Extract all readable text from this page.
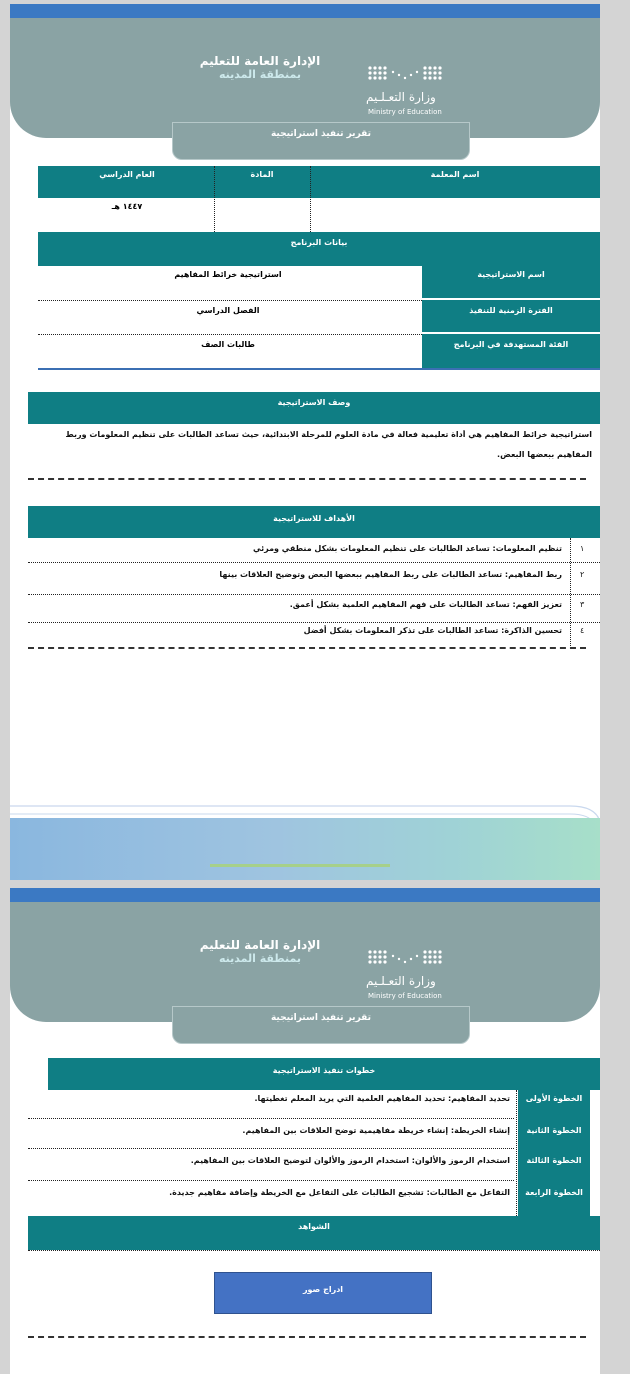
الإدارة العامة للتعليم
بمنطقة المدينه
وزارة التعـلـيم
Ministry of Education
تقرير تنفيذ استراتيجية
العام الدراسي	المادة	اسم المعلمة
١٤٤٧ هـ
بيانات البرنامج
اسم الاستراتيجية
استراتيجية خرائط المفاهيم
الفترة الزمنية للتنفيذ
الفصل الدراسي
الفئة المستهدفة في البرنامج
طالبات الصف
وصف الاستراتيجية
استراتيجية خرائط المفاهيم هي أداة تعليمية فعالة في مادة العلوم للمرحلة الابتدائية، حيث تساعد الطالبات على تنظيم المعلومات وربط
المفاهيم ببعضها البعض.
الأهداف للاستراتيجية
تنظيم المعلومات: تساعد الطالبات على تنظيم المعلومات بشكل منطقي ومرئي ١
ربط المفاهيم: تساعد الطالبات على ربط المفاهيم ببعضها البعض وتوضيح العلاقات بينها ٢
تعزيز الفهم: تساعد الطالبات على فهم المفاهيم العلمية بشكل أعمق. ٣
تحسين الذاكرة: تساعد الطالبات على تذكر المعلومات بشكل أفضل ٤
الإدارة العامة للتعليم
بمنطقة المدينه
وزارة التعـلـيم
Ministry of Education
تقرير تنفيذ استراتيجية
خطوات تنفيذ الاستراتيجية
الخطوة الأولى
تحديد المفاهيم: تحديد المفاهيم العلمية التي يريد المعلم تغطيتها.
الخطوة الثانية
إنشاء الخريطة: إنشاء خريطة مفاهيمية توضح العلاقات بين المفاهيم.
الخطوة الثالثة
استخدام الرموز والألوان: استخدام الرموز والألوان لتوضيح العلاقات بين المفاهيم.
الخطوة الرابعة
التفاعل مع الطالبات: تشجيع الطالبات على التفاعل مع الخريطة وإضافة مفاهيم جديدة.
الشواهد
ادراج صور
